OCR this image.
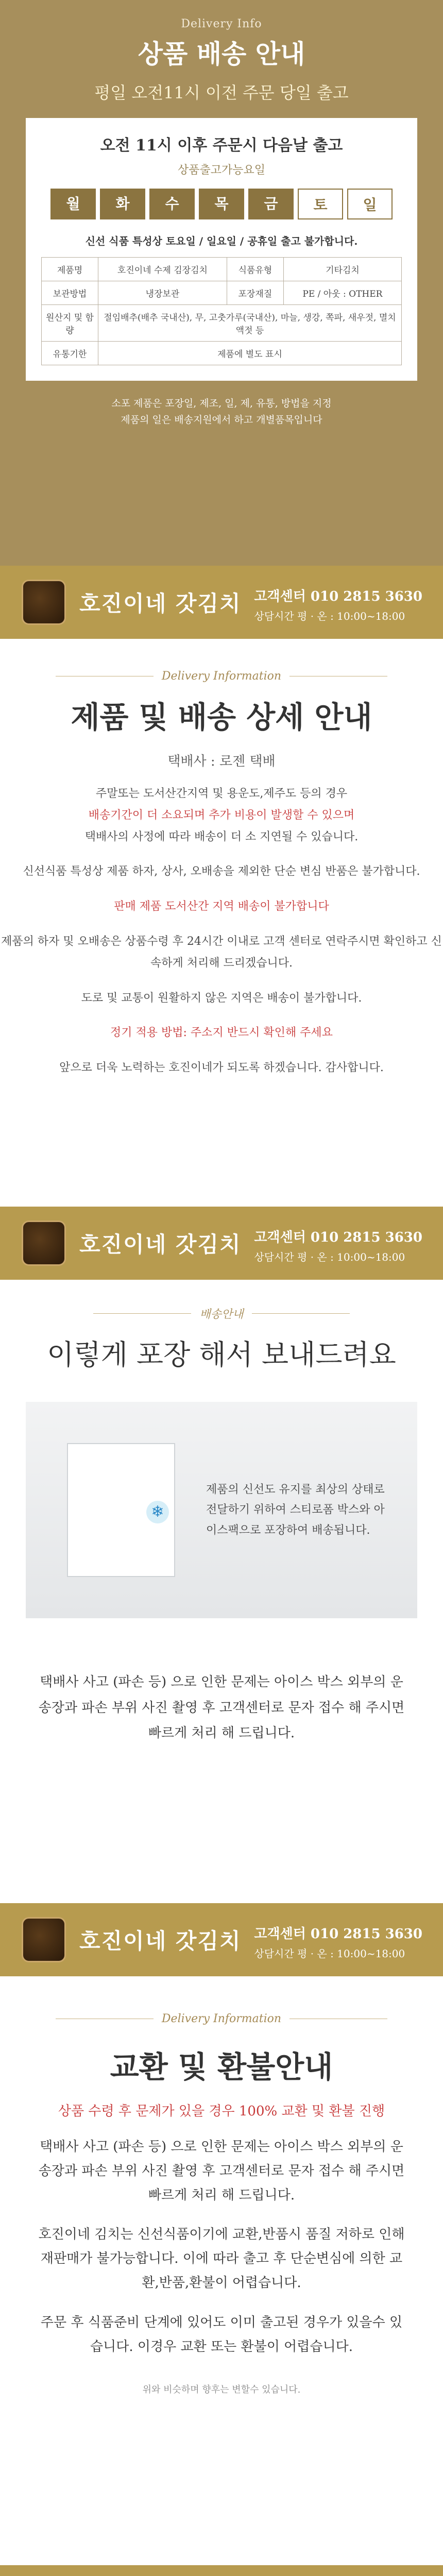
Delivery Info
상품 배송 안내
평일 오전11시 이전 주문 당일 출고
오전 11시 이후 주문시 다음날 출고
상품출고가능요일
월	화	수	목	금	토	일
신선 식품 특성상 토요일 / 일요일 / 공휴일 출고 불가합니다.
제품명	호진이네 수제 김장김치	식품유형	기타김치
보관방법	냉장보관	포장재질	PE / 아웃 : OTHER
원산지 및 함량	절임배추(배추 국내산), 무, 고춧가루(국내산), 마늘, 생강, 쪽파, 새우젓, 멸치액젓 등		
유통기한	제품에 별도 표시		
소포 제품은 포장일, 제조, 일, 제, 유통, 방법을 지정
제품의 일은 배송지원에서 하고 개별품목입니다
호진이네 갓김치 고객센터 010 2815 3630
상담시간 평 · 온 : 10:00~18:00
Delivery Information
제품 및 배송 상세 안내
택배사 : 로젠 택배

주말또는 도서산간지역 및 용운도,제주도 등의 경우
배송기간이 더 소요되며 추가 비용이 발생할 수 있으며
택배사의 사정에 따라 배송이 더 소 지연될 수 있습니다.

신선식품 특성상 제품 하자, 상사, 오배송을 제외한 단순 변심 반품은 불가합니다.

판매 제품 도서산간 지역 배송이 불가합니다

제품의 하자 및 오배송은 상품수령 후 24시간 이내로 고객 센터로 연락주시면 확인하고 신속하게 처리해 드리겠습니다.

도로 및 교통이 원활하지 않은 지역은 배송이 불가합니다.

정기 적용 방법: 주소지 반드시 확인해 주세요

앞으로 더욱 노력하는 호진이네가 되도록 하겠습니다. 감사합니다.

호진이네 갓김치 고객센터 010 2815 3630
상담시간 평 · 온 : 10:00~18:00
배송안내
이렇게 포장 해서 보내드려요
❄
제품의 신선도 유지를 최상의 상태로 전달하기 위하여 스티로폼 박스와 아이스팩으로 포장하여 배송됩니다.
택배사 사고 (파손 등) 으로 인한 문제는 아이스 박스 외부의 운송장과 파손 부위 사진 촬영 후 고객센터로 문자 접수 해 주시면 빠르게 처리 해 드립니다.
호진이네 갓김치 고객센터 010 2815 3630
상담시간 평 · 온 : 10:00~18:00
Delivery Information
교환 및 환불안내
상품 수령 후 문제가 있을 경우 100% 교환 및 환불 진행

택배사 사고 (파손 등) 으로 인한 문제는 아이스 박스 외부의 운송장과 파손 부위 사진 촬영 후 고객센터로 문자 접수 해 주시면 빠르게 처리 해 드립니다.

호진이네 김치는 신선식품이기에 교환,반품시 품질 저하로 인해 재판매가 불가능합니다. 이에 따라 출고 후 단순변심에 의한 교환,반품,환불이 어렵습니다.

주문 후 식품준비 단계에 있어도 이미 출고된 경우가 있을수 있습니다. 이경우 교환 또는 환불이 어렵습니다.

위와 비슷하며 향후는 변할수 있습니다.
